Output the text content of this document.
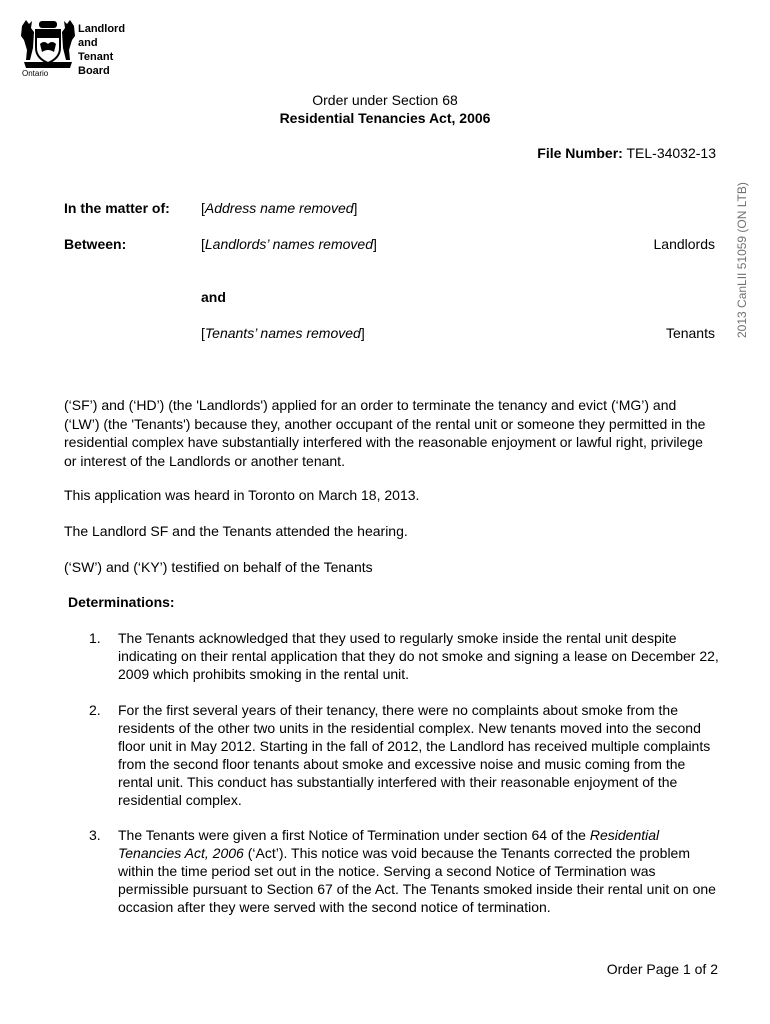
Landlord
and
Tenant
Board
Ontario
Order under Section 68
Residential Tenancies Act, 2006
File Number: TEL-34032-13
2013 CanLII 51059 (ON LTB)
In the matter of: [Address name removed]
Between:	[Landlords’ names removed]	Landlords
and
[Tenants’ names removed]	Tenants
(‘SF’) and (‘HD’) (the 'Landlords') applied for an order to terminate the tenancy and evict (‘MG’) and (‘LW’) (the 'Tenants') because they, another occupant of the rental unit or someone they permitted in the residential complex have substantially interfered with the reasonable enjoyment or lawful right, privilege or interest of the Landlords or another tenant.
This application was heard in Toronto on March 18, 2013.
The Landlord SF and the Tenants attended the hearing.
(‘SW’) and (‘KY’) testified on behalf of the Tenants
Determinations:
1. The Tenants acknowledged that they used to regularly smoke inside the rental unit despite indicating on their rental application that they do not smoke and signing a lease on December 22, 2009 which prohibits smoking in the rental unit.
2. For the first several years of their tenancy, there were no complaints about smoke from the residents of the other two units in the residential complex. New tenants moved into the second floor unit in May 2012. Starting in the fall of 2012, the Landlord has received multiple complaints from the second floor tenants about smoke and excessive noise and music coming from the rental unit. This conduct has substantially interfered with their reasonable enjoyment of the residential complex.
3. The Tenants were given a first Notice of Termination under section 64 of the Residential Tenancies Act, 2006 (‘Act’). This notice was void because the Tenants corrected the problem within the time period set out in the notice. Serving a second Notice of Termination was permissible pursuant to Section 67 of the Act. The Tenants smoked inside their rental unit on one occasion after they were served with the second notice of termination.
Order Page 1 of 2
